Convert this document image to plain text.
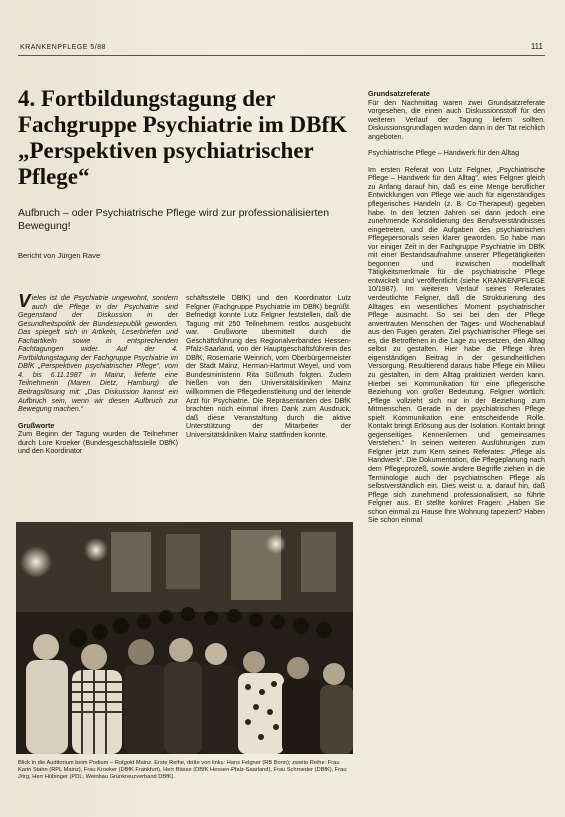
KRANKENPFLEGE 5/88	111
4. Fortbildungstagung der Fachgruppe Psychiatrie im DBfK „Perspektiven psychiatrischer Pflege“
Aufbruch – oder Psychiatrische Pflege wird zur professionalisierten Bewegung!
Bericht von Jürgen Rave

Vieles ist die Psychiatrie ungewohnt, sondern auch die Pflege in der Psychiatrie sind Gegenstand der Diskussion in der Gesundheitspolitik der Bundesrepublik geworden. Das spiegelt sich in Artikeln, Leserbriefen und Fachartikeln sowie in entsprechenden Fachtagungen wider. Auf der 4. Fortbildungstagung der Fachgruppe Psychiatrie im DBfK „Perspektiven psychiatrischer Pflege“, vom 4. bis 6.11.1987 in Mainz, lieferte eine Teilnehmerin (Maren Dietz, Hamburg) die Beitragslösung mit: „Das Diskussion kannst ein Aufbruch sein, wenn wir diesen Aufbruch zur Bewegung machen.“

Grußworte

Zum Beginn der Tagung wurden die Teilnehmer durch Lore Kroeker (Bundesgeschäftsstelle DBfK) und den Koordinator

schäftsstelle DBfK) und den Koordinator Lutz Felgner (Fachgruppe Psychiatrie im DBfK) begrüßt. Befriedigt konnte Lutz Felgner feststellen, daß die Tagung mit 250 Teilnehmern restlos ausgebucht war. Grußworte übermittelt durch die Geschäftsführung des Regionalverbandes Hessen-Pfalz-Saarland, von der Hauptgeschäftsführerin des DBfK, Rosemarie Weinrich, vom Oberbürgermeister der Stadt Mainz, Herman-Hartmut Weyel, und vom Bundesministerin Rita Süßmuth folgten. Zudem hießen von den Universitätskliniken Mainz willkommen die Pflegedienstleitung und der leitende Arzt für Psychiatrie. Die Repräsentanten des DBfK brachten noch einmal ihren Dank zum Ausdruck, daß diese Veranstaltung durch die aktive Unterstützung der Mitarbeiter der Universitätskliniken Mainz stattfinden konnte.

Blick in die Auditorium beim Podium – Rotgold Mainz. Erste Reihe, dritte von links: Hans Felgner (RB Bonn); zweite Reihe: Frau Karin Stahn (RPL Mainz), Frau Kroeker (DBfK Frankfurt), Herr Bässe (DBfK Hessen-Pfalz-Saarland), Frau Schroeder (DBfK), Frau Jörg, Herr Hübinger (PDL, Weinbau Grünkreuzverband DBfK).

Grundsatzreferate

Für den Nachmittag waren zwei Grundsatzreferate vorgesehen, die einen auch Diskussionsstoff für den weiteren Verlauf der Tagung liefern sollten. Diskussionsgrundlagen wurden dann in der Tat reichlich angeboten.

Psychiatrische Pflege – Handwerk für den Alltag

Im ersten Referat von Lutz Felgner, „Psychiatrische Pflege – Handwerk für den Alltag“, wies Felgner gleich zu Anfang darauf hin, daß es eine Menge beruflicher Entwicklungen von Pflege wie auch für eigenständiges pflegerisches Handeln (z. B. Co-Therapeut) gegeben habe. In den letzten Jahren sei dann jedoch eine zunehmende Konsolidierung des Berufsverständnisses eingetreten, und die Aufgaben des psychiatrischen Pflegepersonals seien klarer geworden. So habe man vor einiger Zeit in der Fachgruppe Psychiatrie im DBfK mit einer Bestandsaufnahme unserer Pflegetätigkeiten begonnen und inzwischen modellhaft Tätigkeitsmerkmale für die psychiatrische Pflege entwickelt und veröffentlicht (siehe KRANKENPFLEGE 10/1987). Im weiteren Verlauf seines Referates verdeutlichte Felgner, daß die Strukturierung des Alltages ein wesentliches Moment psychiatrischer Pflege ausmacht. So sei bei den der Pflege anvertrauten Menschen der Tages- und Wochenablauf aus den Fugen geraten. Ziel psychiatrischer Pflege sei es, die Betroffenen in die Lage zu versetzen, den Alltag selbst zu gestalten. Hier habe die Pflege ihren eigenständigen Beitrag in der gesundheitlichen Versorgung. Resultierend daraus habe Pflege ein Milieu zu gestalten, in dem Alltag praktiziert werden kann. Hierbei sei Kommunikation für eine pflegerische Beziehung von großer Bedeutung. Felgner wörtlich: „Pflege vollzieht sich nur in der Beziehung zum Mitmenschen. Gerade in der psychiatrischen Pflege spielt Kommunikation eine entscheidende Rolle. Kontakt bringt Erlösung aus der Isolation. Kontakt bringt gegenseitiges Kennenlernen und gemeinsames Verstehen.“ In seinen weiteren Ausführungen zum Felgner jetzt zum Kern seines Referates: „Pflege als Handwerk“. Die Dokumentation, die Pflegeplanung nach dem Pflegeprozeß, sowie andere Begriffe ziehen in die Terminologie auch der psychiatrischen Pflege als selbstverständlich ein. Dies weist u. a. darauf hin, daß Pflege sich zunehmend professionalisiert, so führte Felgner aus. Er stellte konkret Fragen: „Haben Sie schon einmal zu Hause Ihre Wohnung tapeziert? Haben Sie schon einmal
